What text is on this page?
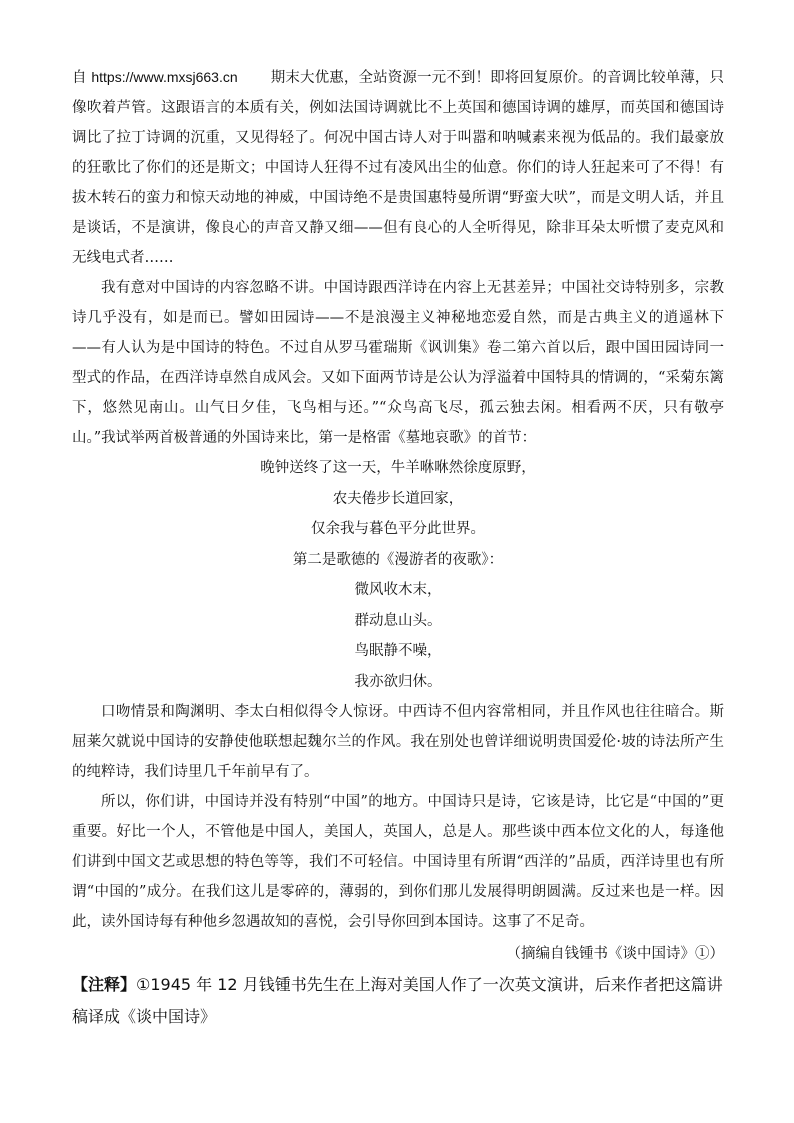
自 https://www.mxsj663.cn 期末大优惠，全站资源一元不到！即将回复原价。的音调比较单薄，只像吹着芦管。这跟语言的本质有关，例如法国诗调就比不上英国和德国诗调的雄厚，而英国和德国诗调比了拉丁诗调的沉重，又见得轻了。何况中国古诗人对于叫嚣和呐喊素来视为低品的。我们最豪放的狂歌比了你们的还是斯文；中国诗人狂得不过有凌风出尘的仙意。你们的诗人狂起来可了不得！有拔木转石的蛮力和惊天动地的神威，中国诗绝不是贵国惠特曼所谓“野蛮大吠”，而是文明人话，并且是谈话，不是演讲，像良心的声音又静又细——但有良心的人全听得见，除非耳朵太听惯了麦克风和无线电式者……

我有意对中国诗的内容忽略不讲。中国诗跟西洋诗在内容上无甚差异；中国社交诗特别多，宗教诗几乎没有，如是而已。譬如田园诗——不是浪漫主义神秘地恋爱自然，而是古典主义的逍遥林下——有人认为是中国诗的特色。不过自从罗马霍瑞斯《讽训集》卷二第六首以后，跟中国田园诗同一型式的作品，在西洋诗卓然自成风会。又如下面两节诗是公认为浮溢着中国特具的情调的，“采菊东篱下，悠然见南山。山气日夕佳，飞鸟相与还。”“众鸟高飞尽，孤云独去闲。相看两不厌，只有敬亭山。”我试举两首极普通的外国诗来比，第一是格雷《墓地哀歌》的首节：

晚钟送终了这一天，牛羊咻咻然徐度原野，

农夫倦步长道回家，

仅余我与暮色平分此世界。

第二是歌德的《漫游者的夜歌》：

微风收木末，

群动息山头。

鸟眠静不噪，

我亦欲归休。

口吻情景和陶渊明、李太白相似得令人惊讶。中西诗不但内容常相同，并且作风也往往暗合。斯屈莱欠就说中国诗的安静使他联想起魏尔兰的作风。我在别处也曾详细说明贵国爱伦·坡的诗法所产生的纯粹诗，我们诗里几千年前早有了。

所以，你们讲，中国诗并没有特别“中国”的地方。中国诗只是诗，它该是诗，比它是“中国的”更重要。好比一个人，不管他是中国人，美国人，英国人，总是人。那些谈中西本位文化的人，每逢他们讲到中国文艺或思想的特色等等，我们不可轻信。中国诗里有所谓“西洋的”品质，西洋诗里也有所谓“中国的”成分。在我们这儿是零碎的，薄弱的，到你们那儿发展得明朗圆满。反过来也是一样。因此，读外国诗每有种他乡忽遇故知的喜悦，会引导你回到本国诗。这事了不足奇。

（摘编自钱锺书《谈中国诗》①）

【注释】①1945 年 12 月钱锺书先生在上海对美国人作了一次英文演讲，后来作者把这篇讲稿译成《谈中国诗》
